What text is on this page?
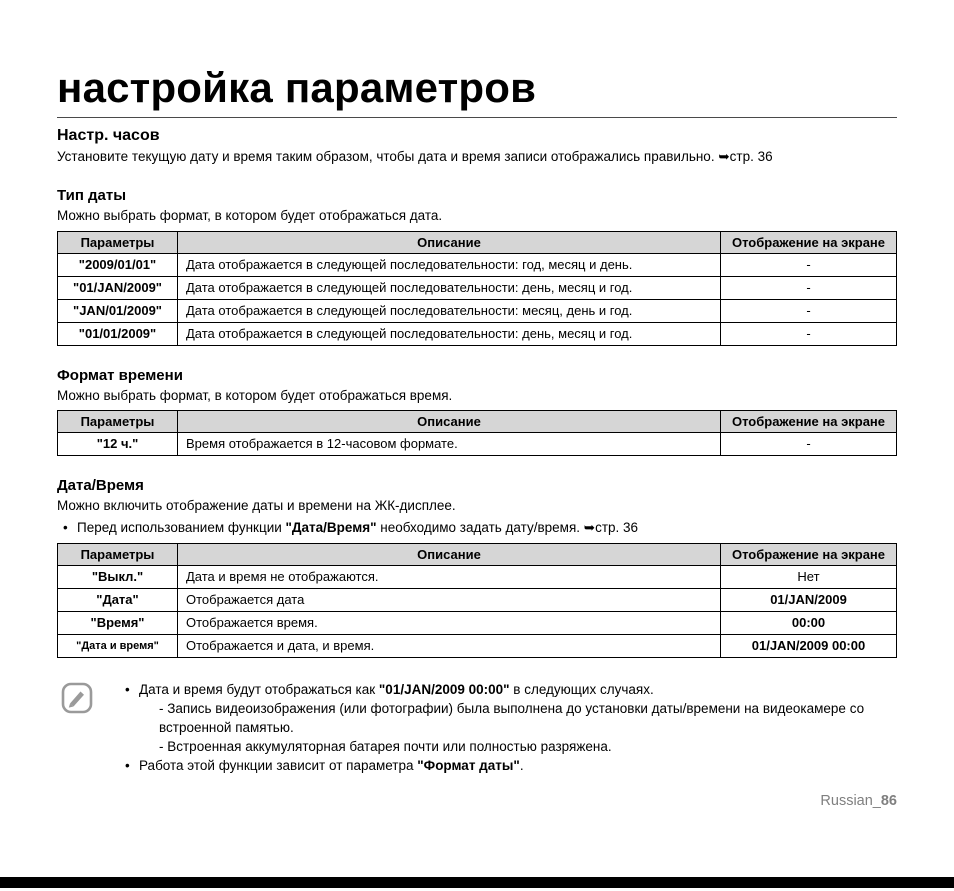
настройка параметров
Настр. часов

Установите текущую дату и время таким образом, чтобы дата и время записи отображались правильно. ➥стр. 36

Тип даты

Можно выбрать формат, в котором будет отображаться дата.

Параметры	Описание	Отображение на экране
"2009/01/01"	Дата отображается в следующей последовательности: год, месяц и день.	-
"01/JAN/2009"	Дата отображается в следующей последовательности: день, месяц и год.	-
"JAN/01/2009"	Дата отображается в следующей последовательности: месяц, день и год.	-
"01/01/2009"	Дата отображается в следующей последовательности: день, месяц и год.	-
Формат времени

Можно выбрать формат, в котором будет отображаться время.

Параметры	Описание	Отображение на экране
"12 ч."	Время отображается в 12-часовом формате.	-
Дата/Время

Можно включить отображение даты и времени на ЖК-дисплее.

• Перед использованием функции "Дата/Время" необходимо задать дату/время. ➥стр. 36
Параметры	Описание	Отображение на экране
"Выкл."	Дата и время не отображаются.	Нет
"Дата"	Отображается дата	01/JAN/2009
"Время"	Отображается время.	00:00
"Дата и время"	Отображается и дата, и время.	01/JAN/2009 00:00
• Дата и время будут отображаться как "01/JAN/2009 00:00" в следующих случаях.
- Запись видеоизображения (или фотографии) была выполнена до установки даты/времени на видеокамере со встроенной памятью.
- Встроенная аккумуляторная батарея почти или полностью разряжена.
• Работа этой функции зависит от параметра "Формат даты".
Russian_86
